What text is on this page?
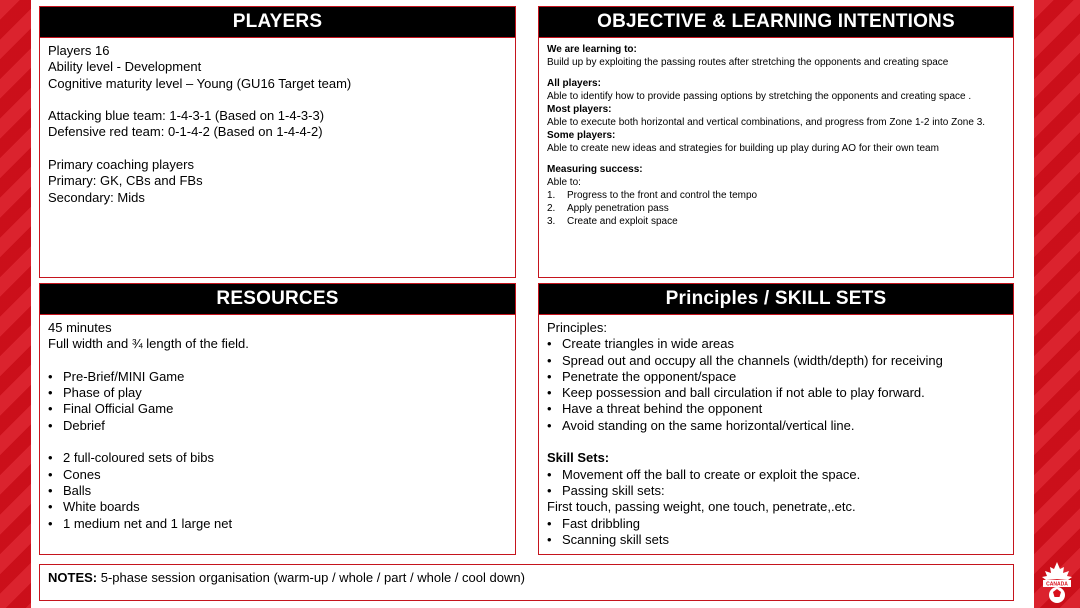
PLAYERS
Players 16
Ability level - Development
Cognitive maturity level – Young (GU16 Target team)
Attacking blue team: 1-4-3-1 (Based on 1-4-3-3)
Defensive red team: 0-1-4-2 (Based on 1-4-4-2)
Primary coaching players
Primary: GK, CBs and FBs
Secondary: Mids
OBJECTIVE & LEARNING INTENTIONS
We are learning to:
Build up by exploiting the passing routes after stretching the opponents and creating space
All players:
Able to identify how to provide passing options by stretching the opponents and creating space .
Most players:
Able to execute both horizontal and vertical combinations, and progress from Zone 1-2 into Zone 3.
Some players:
Able to create new ideas and strategies for building up play during AO for their own team
Measuring success:
Able to:
1.	Progress to the front and control the tempo
2.	Apply penetration pass
3.	Create and exploit space
RESOURCES
45 minutes
Full width and ¾ length of the field.
•
Pre-Brief/MINI Game
•
Phase of play
•
Final Official Game
•
Debrief
•
2 full-coloured sets of bibs
•
Cones
•
Balls
•
White boards
•
1 medium net and 1 large net
Principles / SKILL SETS
Principles:
•
Create triangles in wide areas
•
Spread out and occupy all the channels (width/depth) for receiving
•
Penetrate the opponent/space
•
Keep possession and ball circulation if not able to play forward.
•
Have a threat behind the opponent
•
Avoid standing on the same horizontal/vertical line.
Skill Sets:
• Movement off the ball to create or exploit the space.
• Passing skill sets:
First touch, passing weight, one touch, penetrate,.etc.
• Fast dribbling
• Scanning skill sets
NOTES: 5-phase session organisation (warm-up / whole / part / whole / cool down)	CANADA
